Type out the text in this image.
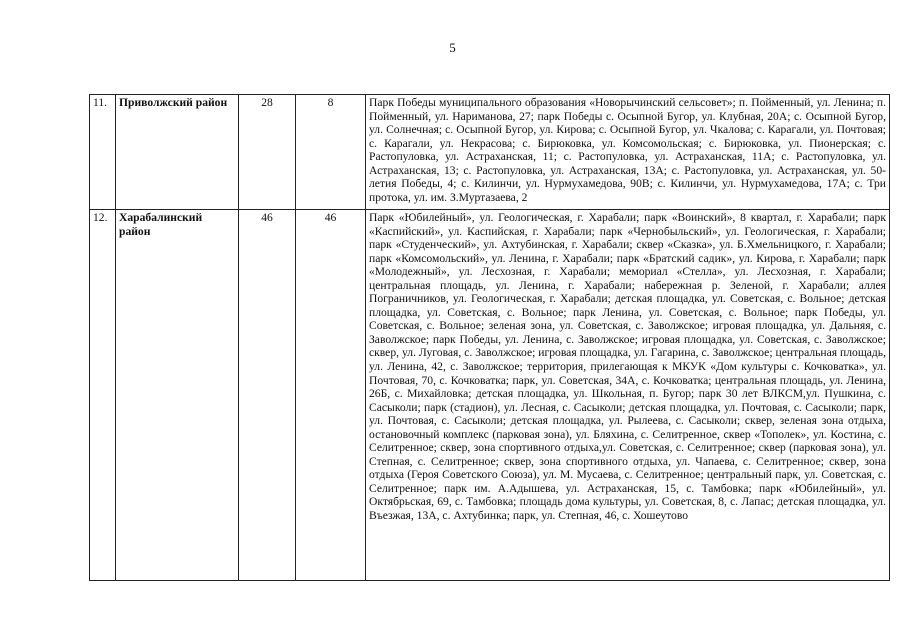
5
11.	Приволжский район	28	8	Парк Победы муниципального образования «Новорычинский сельсовет»; п. Пойменный, ул. Ленина; п. Пойменный, ул. Нариманова, 27; парк Победы с. Осыпной Бугор, ул. Клубная, 20А; с. Осыпной Бугор, ул. Солнечная; с. Осыпной Бугор, ул. Кирова; с. Осыпной Бугор, ул. Чкалова; с. Карагали, ул. Почтовая; с. Карагали, ул. Некрасова; с. Бирюковка, ул. Комсомольская; с. Бирюковка, ул. Пионерская; с. Растопуловка, ул. Астраханская, 11; с. Растопуловка, ул. Астраханская, 11А; с. Растопуловка, ул. Астраханская, 13; с. Растопуловка, ул. Астраханская, 13А; с. Растопуловка, ул. Астраханская, ул. 50-летия Победы, 4; с. Килинчи, ул. Нурмухамедова, 90В; с. Килинчи, ул. Нурмухамедова, 17А; с. Три протока, ул. им. З.Муртазаева, 2
12.	Харабалинский район	46	46	Парк «Юбилейный», ул. Геологическая, г. Харабали; парк «Воинский», 8 квартал, г. Харабали; парк «Каспийский», ул. Каспийская, г. Харабали; парк «Чернобыльский», ул. Геологическая, г. Харабали; парк «Студенческий», ул. Ахтубинская, г. Харабали; сквер «Сказка», ул. Б.Хмельницкого, г. Харабали; парк «Комсомольский», ул. Ленина, г. Харабали; парк «Братский садик», ул. Кирова, г. Харабали; парк «Молодежный», ул. Лесхозная, г. Харабали; мемориал «Стелла», ул. Лесхозная, г. Харабали; центральная площадь, ул. Ленина, г. Харабали; набережная р. Зеленой, г. Харабали; аллея Пограничников, ул. Геологическая, г. Харабали; детская площадка, ул. Советская, с. Вольное; детская площадка, ул. Советская, с. Вольное; парк Ленина, ул. Советская, с. Вольное; парк Победы, ул. Советская, с. Вольное; зеленая зона, ул. Советская, с. Заволжское; игровая площадка, ул. Дальняя, с. Заволжское; парк Победы, ул. Ленина, с. Заволжское; игровая площадка, ул. Советская, с. Заволжское; сквер, ул. Луговая, с. Заволжское; игровая площадка, ул. Гагарина, с. Заволжское; центральная площадь, ул. Ленина, 42, с. Заволжское; территория, прилегающая к МКУК «Дом культуры с. Кочковатка», ул. Почтовая, 70, с. Кочковатка; парк, ул. Советская, 34А, с. Кочковатка; центральная площадь, ул. Ленина, 26Б, с. Михайловка; детская площадка, ул. Школьная, п. Бугор; парк 30 лет ВЛКСМ,ул. Пушкина, с. Сасыколи; парк (стадион), ул. Лесная, с. Сасыколи; детская площадка, ул. Почтовая, с. Сасыколи; парк, ул. Почтовая, с. Сасыколи; детская площадка, ул. Рылеева, с. Сасыколи; сквер, зеленая зона отдыха, остановочный комплекс (парковая зона), ул. Бляхина, с. Селитренное, сквер «Тополек», ул. Костина, с. Селитренное; сквер, зона спортивного отдыха,ул. Советская, с. Селитренное; сквер (парковая зона), ул. Степная, с. Селитренное; сквер, зона спортивного отдыха, ул. Чапаева, с. Селитренное; сквер, зона отдыха (Героя Советского Союза), ул. М. Мусаева, с. Селитренное; центральный парк, ул. Советская, с. Селитренное; парк им. А.Адышева, ул. Астраханская, 15, с. Тамбовка; парк «Юбилейный», ул. Октябрьская, 69, с. Тамбовка; площадь дома культуры, ул. Советская, 8, с. Лапас; детская площадка, ул. Въезжая, 13А, с. Ахтубинка; парк, ул. Степная, 46, с. Хошеутово
